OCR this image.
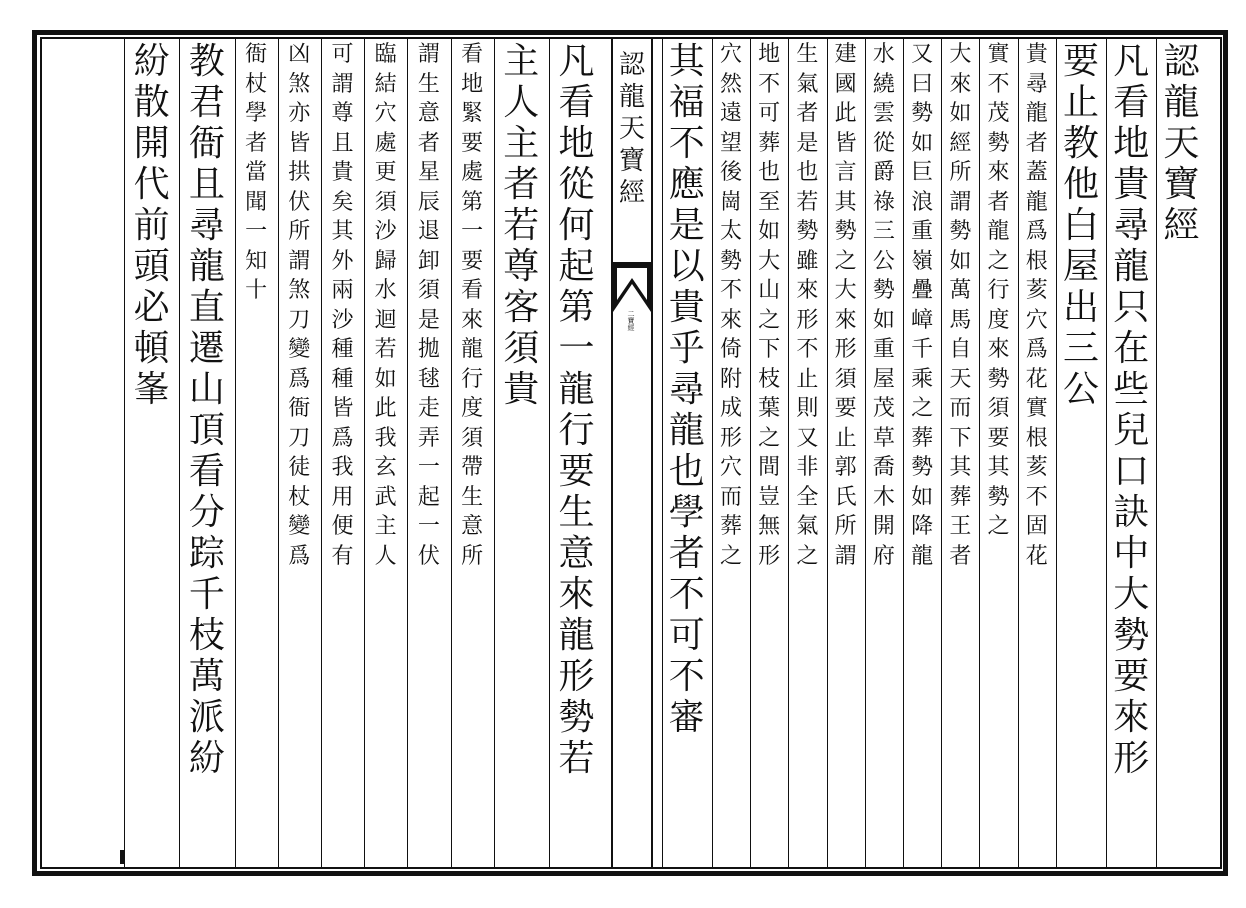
認
龍
天
寶
經
二寶經
認
龍
天
寶
經
凡
看
地
貴
尋
龍
只
在
些
兒
口
訣
中
大
勢
要
來
形
要
止
教
他
白
屋
出
三
公
貴
尋
龍
者
蓋
龍
爲
根
荄
穴
爲
花
實
根
荄
不
固
花
實
不
茂
勢
來
者
龍
之
行
度
來
勢
須
要
其
勢
之
大
來
如
經
所
謂
勢
如
萬
馬
自
天
而
下
其
葬
王
者
又
曰
勢
如
巨
浪
重
嶺
疊
嶂
千
乘
之
葬
勢
如
降
龍
水
繞
雲
從
爵
祿
三
公
勢
如
重
屋
茂
草
喬
木
開
府
建
國
此
皆
言
其
勢
之
大
來
形
須
要
止
郭
氏
所
謂
生
氣
者
是
也
若
勢
雖
來
形
不
止
則
又
非
全
氣
之
地
不
可
葬
也
至
如
大
山
之
下
枝
葉
之
間
豈
無
形
穴
然
遠
望
後
崗
太
勢
不
來
倚
附
成
形
穴
而
葬
之
其
福
不
應
是
以
貴
乎
尋
龍
也
學
者
不
可
不
審
凡
看
地
從
何
起
第
一
龍
行
要
生
意
來
龍
形
勢
若
主
人
主
者
若
尊
客
須
貴
看
地
緊
要
處
第
一
要
看
來
龍
行
度
須
帶
生
意
所
謂
生
意
者
星
辰
退
卸
須
是
拋
毬
走
弄
一
起
一
伏
臨
結
穴
處
更
須
沙
歸
水
迴
若
如
此
我
玄
武
主
人
可
謂
尊
且
貴
矣
其
外
兩
沙
種
種
皆
爲
我
用
便
有
凶
煞
亦
皆
拱
伏
所
謂
煞
刀
變
爲
衙
刀
徒
杖
變
爲
衙
杖
學
者
當
聞
一
知
十
教
君
衙
且
尋
龍
直
遷
山
頂
看
分
踪
千
枝
萬
派
紛
紛
散
開
代
前
頭
必
頓
峯
